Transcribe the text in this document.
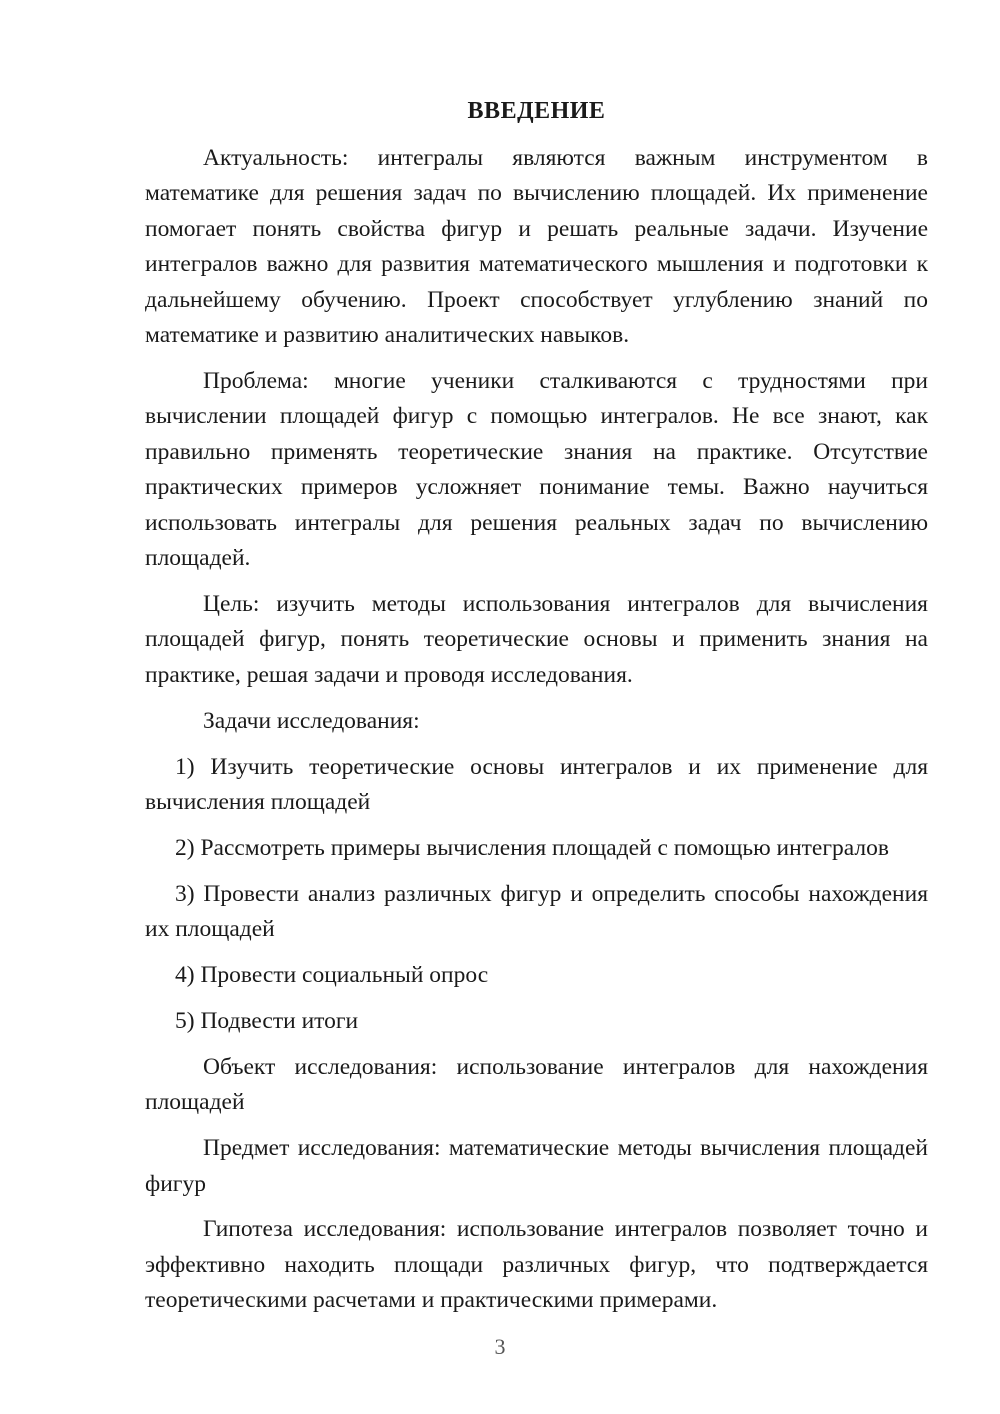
ВВЕДЕНИЕ

Актуальность: интегралы являются важным инструментом в математике для решения задач по вычислению площадей. Их применение помогает понять свойства фигур и решать реальные задачи. Изучение интегралов важно для развития математического мышления и подготовки к дальнейшему обучению. Проект способствует углублению знаний по математике и развитию аналитических навыков.

Проблема: многие ученики сталкиваются с трудностями при вычислении площадей фигур с помощью интегралов. Не все знают, как правильно применять теоретические знания на практике. Отсутствие практических примеров усложняет понимание темы. Важно научиться использовать интегралы для решения реальных задач по вычислению площадей.

Цель: изучить методы использования интегралов для вычисления площадей фигур, понять теоретические основы и применить знания на практике, решая задачи и проводя исследования.

Задачи исследования:

1) Изучить теоретические основы интегралов и их применение для вычисления площадей

2) Рассмотреть примеры вычисления площадей с помощью интегралов

3) Провести анализ различных фигур и определить способы нахождения их площадей

4) Провести социальный опрос

5) Подвести итоги

Объект исследования: использование интегралов для нахождения площадей

Предмет исследования: математические методы вычисления площадей фигур

Гипотеза исследования: использование интегралов позволяет точно и эффективно находить площади различных фигур, что подтверждается теоретическими расчетами и практическими примерами.

3
